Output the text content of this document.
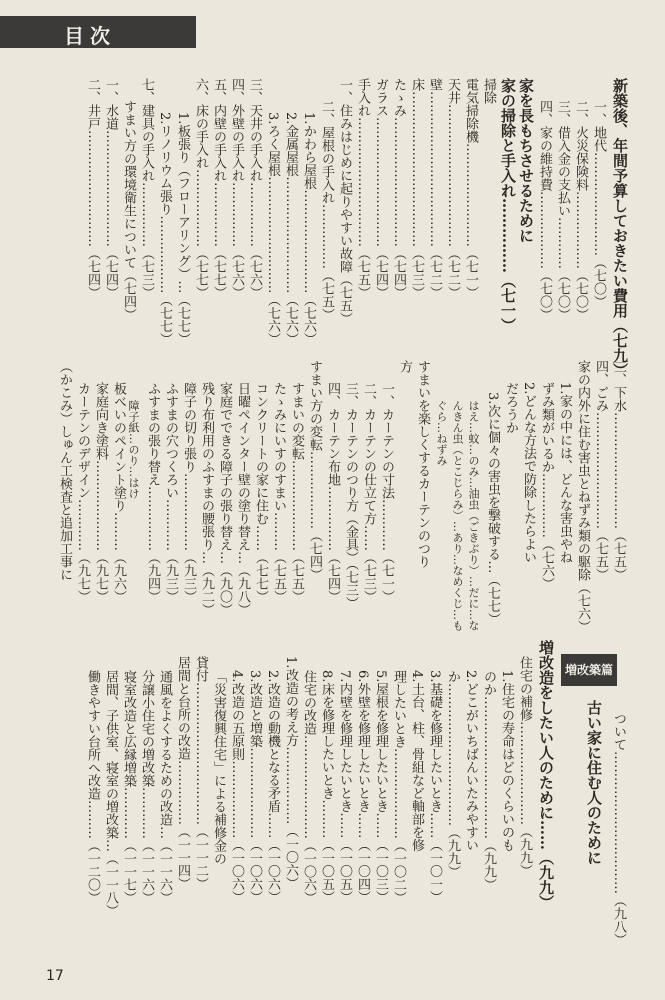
目次
増改築篇
新築後、年間予算しておきたい費用（七九）
一、地代……………………（七〇）
二、火災保険料………………（七〇）
三、借入金の支払い…………（七〇）
四、家の維持費………………（七〇）
家を長もちさせるために
家の掃除と手入れ……………（七一）
掃除
電気掃除機……………………（七一）
天井……………………………（七二）
壁………………………………（七二）
床………………………………（七三）
たゝみ…………………………（七四）
ガラス…………………………（七四）
手入れ…………………………（七五）
一、住みはじめに起りやすい故障（七五）
二、屋根の手入れ……………（七五）
1.かわら屋根……………………（七六）
2.金属屋根………………………（七六）
3.ろく屋根………………………（七六）
三、天井の手入れ……………（七六）
四、外壁の手入れ……………（七六）
五、内壁の手入れ……………（七七）
六、床の手入れ………………（七七）
1.板張り（フローアリング）…（七七）
2.リノリウム張り………………（七七）
七、建具の手入れ……………（七三）
すまい方の環境衛生について（七四）
一、水道………………………（七四）
二、井戸………………………（七四）
三、下水………………………（七五）
四、ごみ………………………（七五）
家の内外に住む害虫とねずみ類の駆除（七六）
1.家の中には、どんな害虫やね
ずみ類がいるか……………（七六）
2.どんな方法で防除したらよい
だろうか
3.次に個々の害虫を撃破する…（七七）
はえ…蚊…のみ…油虫（ごきぶり）…だに…な
んきん虫（とこじらみ）…あり…なめくじ…も
ぐら…ねずみ
すまいを楽しくするカーテンのつり
方
一、カーテンの寸法…………（七一）
二、カーテンの仕立て方……（七三）
三、カーテンのつり方（金具）（七三）
四、カーテン布地……………（七四）
すまい方の変転………………（七四）
すまいの変転…………………（七五）
たゝみにいすのすまい………（七五）
コンクリートの家に住む……（七七）
日曜ペインター壁の塗り替え…（九八）
家庭でできる障子の張り替え…（九〇）
残り布利用のふすまの腰張り…（九二）
障子の切り張り………………（九三）
ふすまの穴つくろい…………（九三）
ふすまの張り替え……………（九四）
障子紙…のり…はけ
板べいのペイント塗り………（九六）
家庭向き塗料…………………（九七）
カーテンのデザイン…………（九七）
（かこみ）しゅん工検査と追加工事に
ついて……………………………（九八）
古い家に住む人のために
増改造をしたい人のために……（九九）
住宅の補修……………………（九九）
1.住宅の寿命はどのくらいのも
のか……………………………（九九）
2.どこがいちばんいたみやすい
か……………………………（九九）
3.基礎を修理したいとき……（一〇一）
4.土台、柱、骨組など軸部を修
理したいとき…………………（一〇二）
5.屋根を修理したいとき……（一〇三）
6.外壁を修理したいとき……（一〇四）
7.内壁を修理したいとき……（一〇五）
8.床を修理したいとき………（一〇五）
住宅の改造……………………（一〇六）
1.改造の考え方………………（一〇六）
2.改造の動機となる矛盾……（一〇六）
3.改造と増築…………………（一〇六）
4.改造の五原則………………（一〇六）
「災害復興住宅」による補修金の
貸付……………………………（一一二）
居間と台所の改造……………（一一四）
通風をよくするための改造…（一一六）
分譲小住宅の増改築…………（一一六）
寝室改造と広縁増築…………（一一七）
居間、子供室、寝室の増改築…（一一八）
働きやすい台所へ改造………（一二〇）
17
